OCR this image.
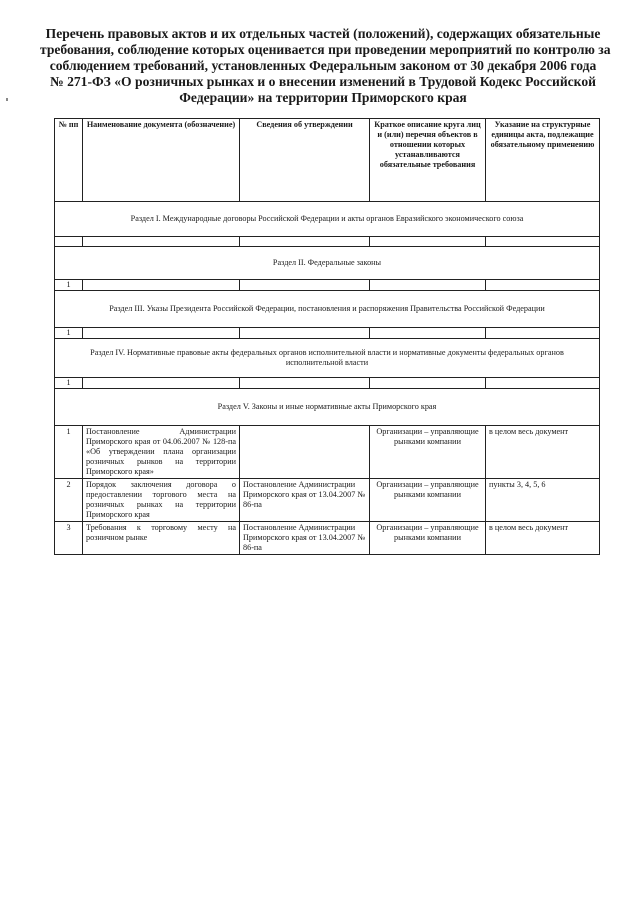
Перечень правовых актов и их отдельных частей (положений), содержащих обязательные
требования, соблюдение которых оценивается при проведении мероприятий по контролю за
соблюдением требований, установленных Федеральным законом от 30 декабря 2006 года
№ 271-ФЗ «О розничных рынках и о внесении изменений в Трудовой Кодекс Российской
Федерации» на территории Приморского края
№ пп	Наименование документа (обозначение)	Сведения об утверждении	Краткое описание круга лиц и (или) перечня объектов в отношении которых устанавливаются обязательные требования	Указание на структурные единицы акта, подлежащие обязательному применению
Раздел I. Международные договоры Российской Федерации и акты органов Евразийского экономического союза				

Раздел II. Федеральные законы				
1				
Раздел III. Указы Президента Российской Федерации, постановления и распоряжения Правительства Российской Федерации				
1				
Раздел IV. Нормативные правовые акты федеральных органов исполнительной власти и нормативные документы федеральных органов исполнительной власти				
1				
Раздел V. Законы и иные нормативные акты Приморского края				
1	Постановление Администрации Приморского края от 04.06.2007 № 128-па «Об утверждении плана организации розничных рынков на территории Приморского края»		Организации – управляющие рынками компании	в целом весь документ
2	Порядок заключения договора о предоставлении торгового места на розничных рынках на территории Приморского края	Постановление Администрации Приморского края от 13.04.2007 № 86-па	Организации – управляющие рынками компании	пункты 3, 4, 5, 6
3	Требования к торговому месту на розничном рынке	Постановление Администрации Приморского края от 13.04.2007 № 86-па	Организации – управляющие рынками компании	в целом весь документ
